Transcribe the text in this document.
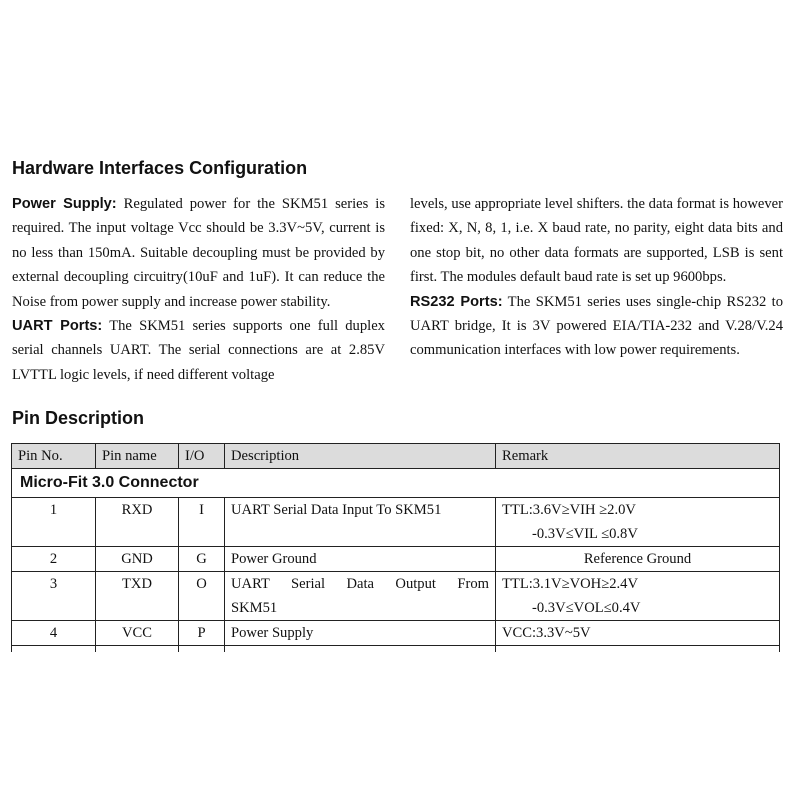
Hardware Interfaces Configuration

Power Supply: Regulated power for the SKM51 series is required. The input voltage Vcc should be 3.3V~5V, current is no less than 150mA. Suitable decoupling must be provided by external decoupling circuitry(10uF and 1uF). It can reduce the Noise from power supply and increase power stability.

UART Ports: The SKM51 series supports one full duplex serial channels UART. The serial connections are at 2.85V LVTTL logic levels, if need different voltage

levels, use appropriate level shifters. the data format is however fixed: X, N, 8, 1, i.e. X baud rate, no parity, eight data bits and one stop bit, no other data formats are supported, LSB is sent first. The modules default baud rate is set up 9600bps.

RS232 Ports: The SKM51 series uses single-chip RS232 to UART bridge, It is 3V powered EIA/TIA-232 and V.28/V.24 communication interfaces with low power requirements.

Pin Description
Pin No.	Pin name	I/O	Description	Remark
Micro-Fit 3.0 Connector				
1	RXD	I	UART Serial Data Input To SKM51	TTL:3.6V≥VIH ≥2.0V
-0.3V≤VIL ≤0.8V

2	GND	G	Power Ground	Reference Ground

3	TXD	O	UART Serial Data Output From
SKM51	TTL:3.1V≥VOH≥2.4V
-0.3V≤VOL≤0.4V

4	VCC	P	Power Supply	VCC:3.3V~5V
